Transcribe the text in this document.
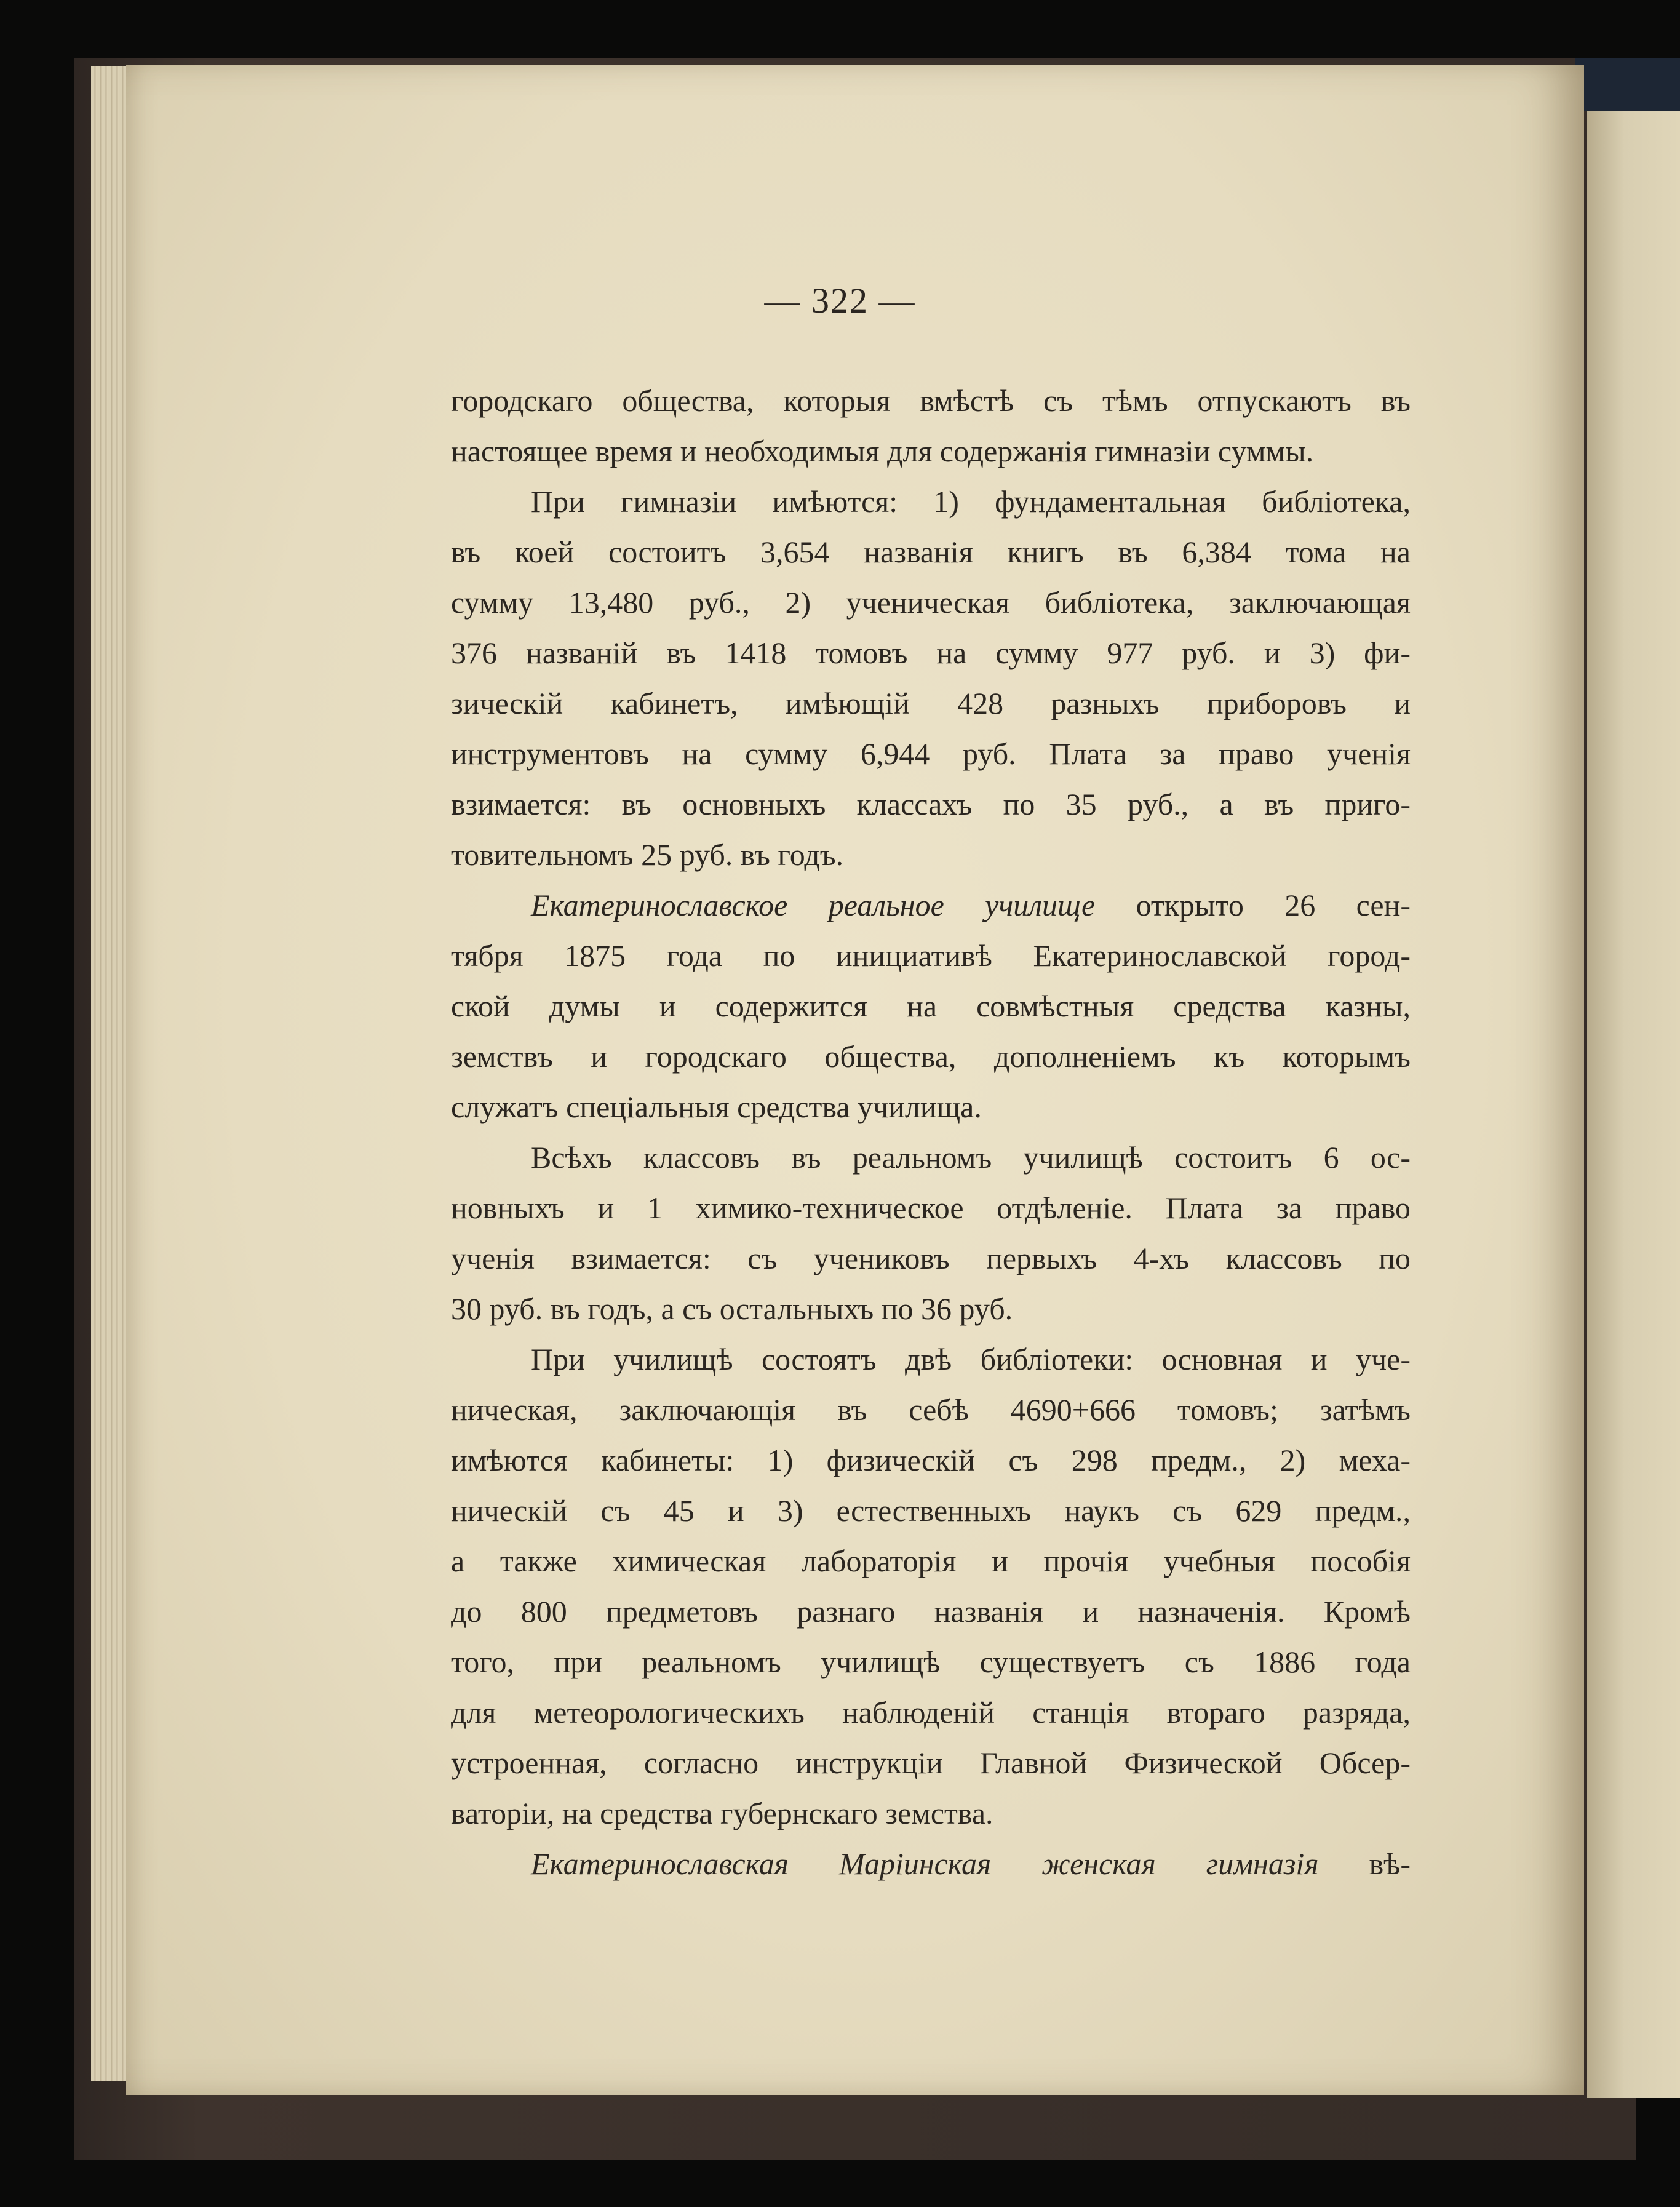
— 322 —
городскаго общества, которыя вмѣстѣ съ тѣмъ отпускаютъ въ
настоящее время и необходимыя для содержанія гимназіи суммы.
При гимназіи имѣются: 1) фундаментальная библіотека,
въ коей состоитъ 3,654 названія книгъ въ 6,384 тома на
сумму 13,480 руб., 2) ученическая библіотека, заключающая
376 названій въ 1418 томовъ на сумму 977 руб. и 3) фи-
зическій кабинетъ, имѣющій 428 разныхъ приборовъ и
инструментовъ на сумму 6,944 руб. Плата за право ученія
взимается: въ основныхъ классахъ по 35 руб., а въ приго-
товительномъ 25 руб. въ годъ.
Екатеринославское реальное училище открыто 26 сен-
тября 1875 года по инициативѣ Екатеринославской город-
ской думы и содержится на совмѣстныя средства казны,
земствъ и городскаго общества, дополненіемъ къ которымъ
служатъ спеціальныя средства училища.
Всѣхъ классовъ въ реальномъ училищѣ состоитъ 6 ос-
новныхъ и 1 химико-техническое отдѣленіе. Плата за право
ученія взимается: съ учениковъ первыхъ 4-хъ классовъ по
30 руб. въ годъ, а съ остальныхъ по 36 руб.
При училищѣ состоятъ двѣ библіотеки: основная и уче-
ническая, заключающія въ себѣ 4690+666 томовъ; затѣмъ
имѣются кабинеты: 1) физическій съ 298 предм., 2) меха-
ническій съ 45 и 3) естественныхъ наукъ съ 629 предм.,
а также химическая лабораторія и прочія учебныя пособія
до 800 предметовъ разнаго названія и назначенія. Кромѣ
того, при реальномъ училищѣ существуетъ съ 1886 года
для метеорологическихъ наблюденій станція втораго разряда,
устроенная, согласно инструкціи Главной Физической Обсер-
ваторіи, на средства губернскаго земства.
Екатеринославская Маріинская женская гимназія вѣ-
